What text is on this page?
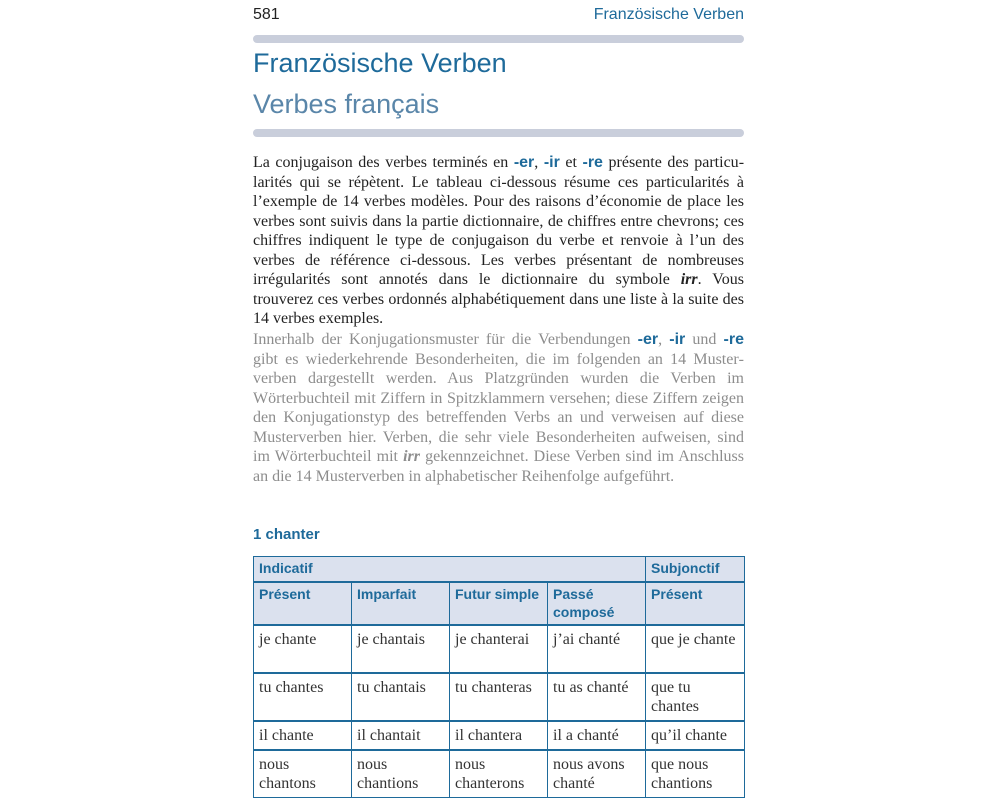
581	Französische Verben
Französische Verben
Verbes français

La conjugaison des verbes terminés en -er, -ir et -re présente des particularités qui se répètent. Le tableau ci-dessous résume ces particularités à l’exemple de 14 verbes modèles. Pour des raisons d’économie de place les verbes sont suivis dans la partie dictionnaire, de chiffres entre chevrons; ces chiffres indiquent le type de conjugaison du verbe et renvoie à l’un des verbes de référence ci-dessous. Les verbes présentant de nombreuses irrégularités sont annotés dans le dictionnaire du symbole irr. Vous trouverez ces verbes ordonnés alphabétiquement dans une liste à la suite des 14 verbes exemples.

Innerhalb der Konjugationsmuster für die Verbendungen -er, -ir und -re gibt es wiederkehrende Besonderheiten, die im folgenden an 14 Musterverben dargestellt werden. Aus Platzgründen wurden die Verben im Wörterbuchteil mit Ziffern in Spitzklammern versehen; diese Ziffern zeigen den Konjugationstyp des betreffenden Verbs an und verweisen auf diese Musterverben hier. Verben, die sehr viele Besonderheiten aufweisen, sind im Wörterbuchteil mit irr gekennzeichnet. Diese Verben sind im Anschluss an die 14 Musterverben in alphabetischer Reihenfolge aufgeführt.

1 chanter
Indicatif				Subjonctif
Présent	Imparfait	Futur simple	Passé composé	Présent
je chante	je chantais	je chanterai	j’ai chanté	que je chante
tu chantes	tu chantais	tu chanteras	tu as chanté	que tu chantes
il chante	il chantait	il chantera	il a chanté	qu’il chante
nous chantons	nous chantions	nous chanterons	nous avons chanté	que nous chantions
